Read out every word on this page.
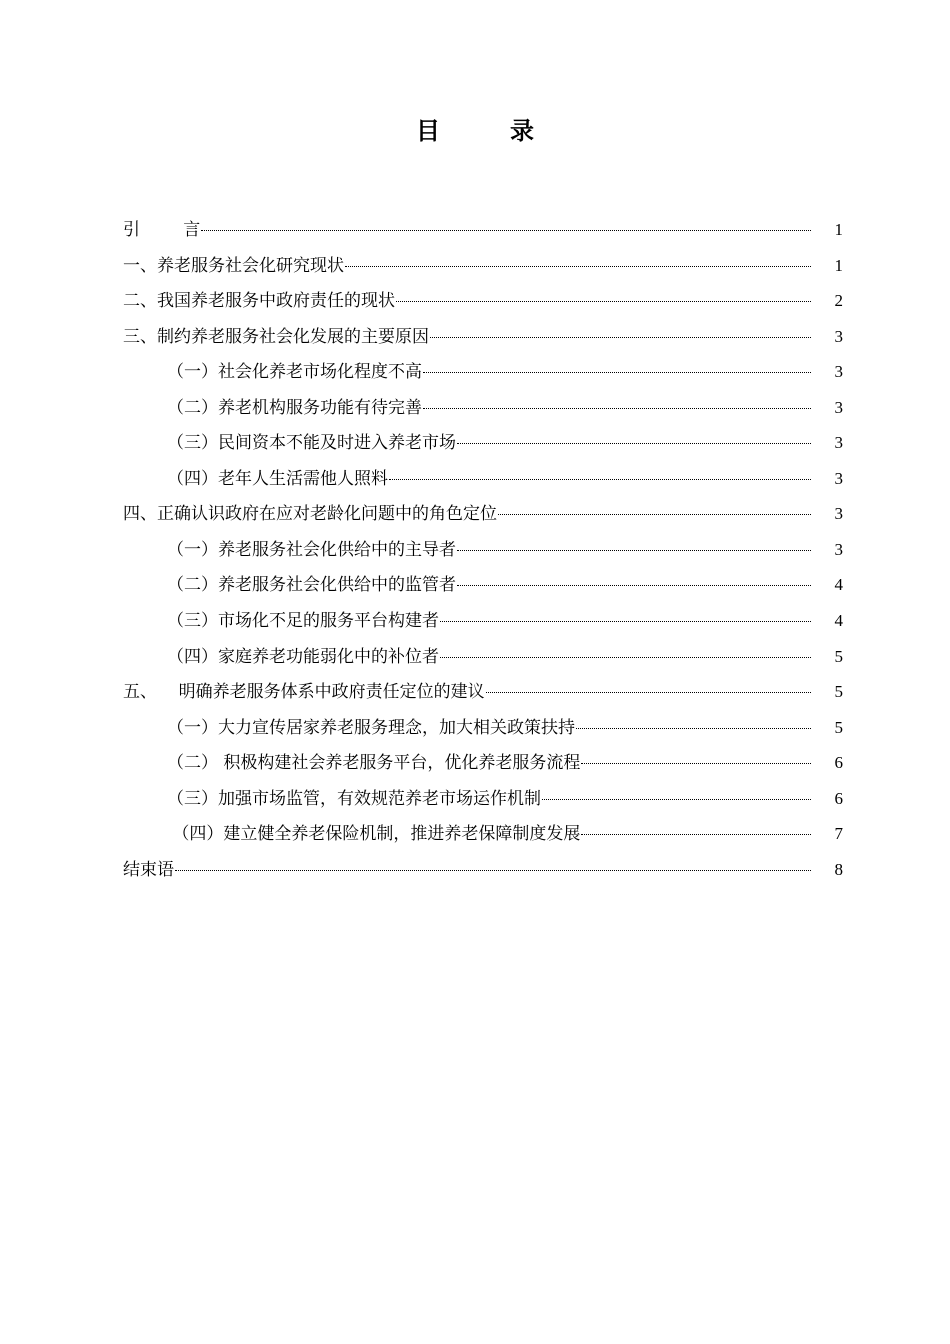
目	录
引        言	1
一、养老服务社会化研究现状	1
二、我国养老服务中政府责任的现状	2
三、制约养老服务社会化发展的主要原因	3
（一）社会化养老市场化程度不高	3
（二）养老机构服务功能有待完善	3
（三）民间资本不能及时进入养老市场	3
（四）老年人生活需他人照料	3
四、正确认识政府在应对老龄化问题中的角色定位	3
（一）养老服务社会化供给中的主导者	3
（二）养老服务社会化供给中的监管者	4
（三）市场化不足的服务平台构建者	4
（四）家庭养老功能弱化中的补位者	5
五、    明确养老服务体系中政府责任定位的建议	5
（一）大力宣传居家养老服务理念，加大相关政策扶持	5
（二） 积极构建社会养老服务平台，优化养老服务流程	6
（三）加强市场监管，有效规范养老市场运作机制	6
（四）建立健全养老保险机制，推进养老保障制度发展	7
结束语	8
